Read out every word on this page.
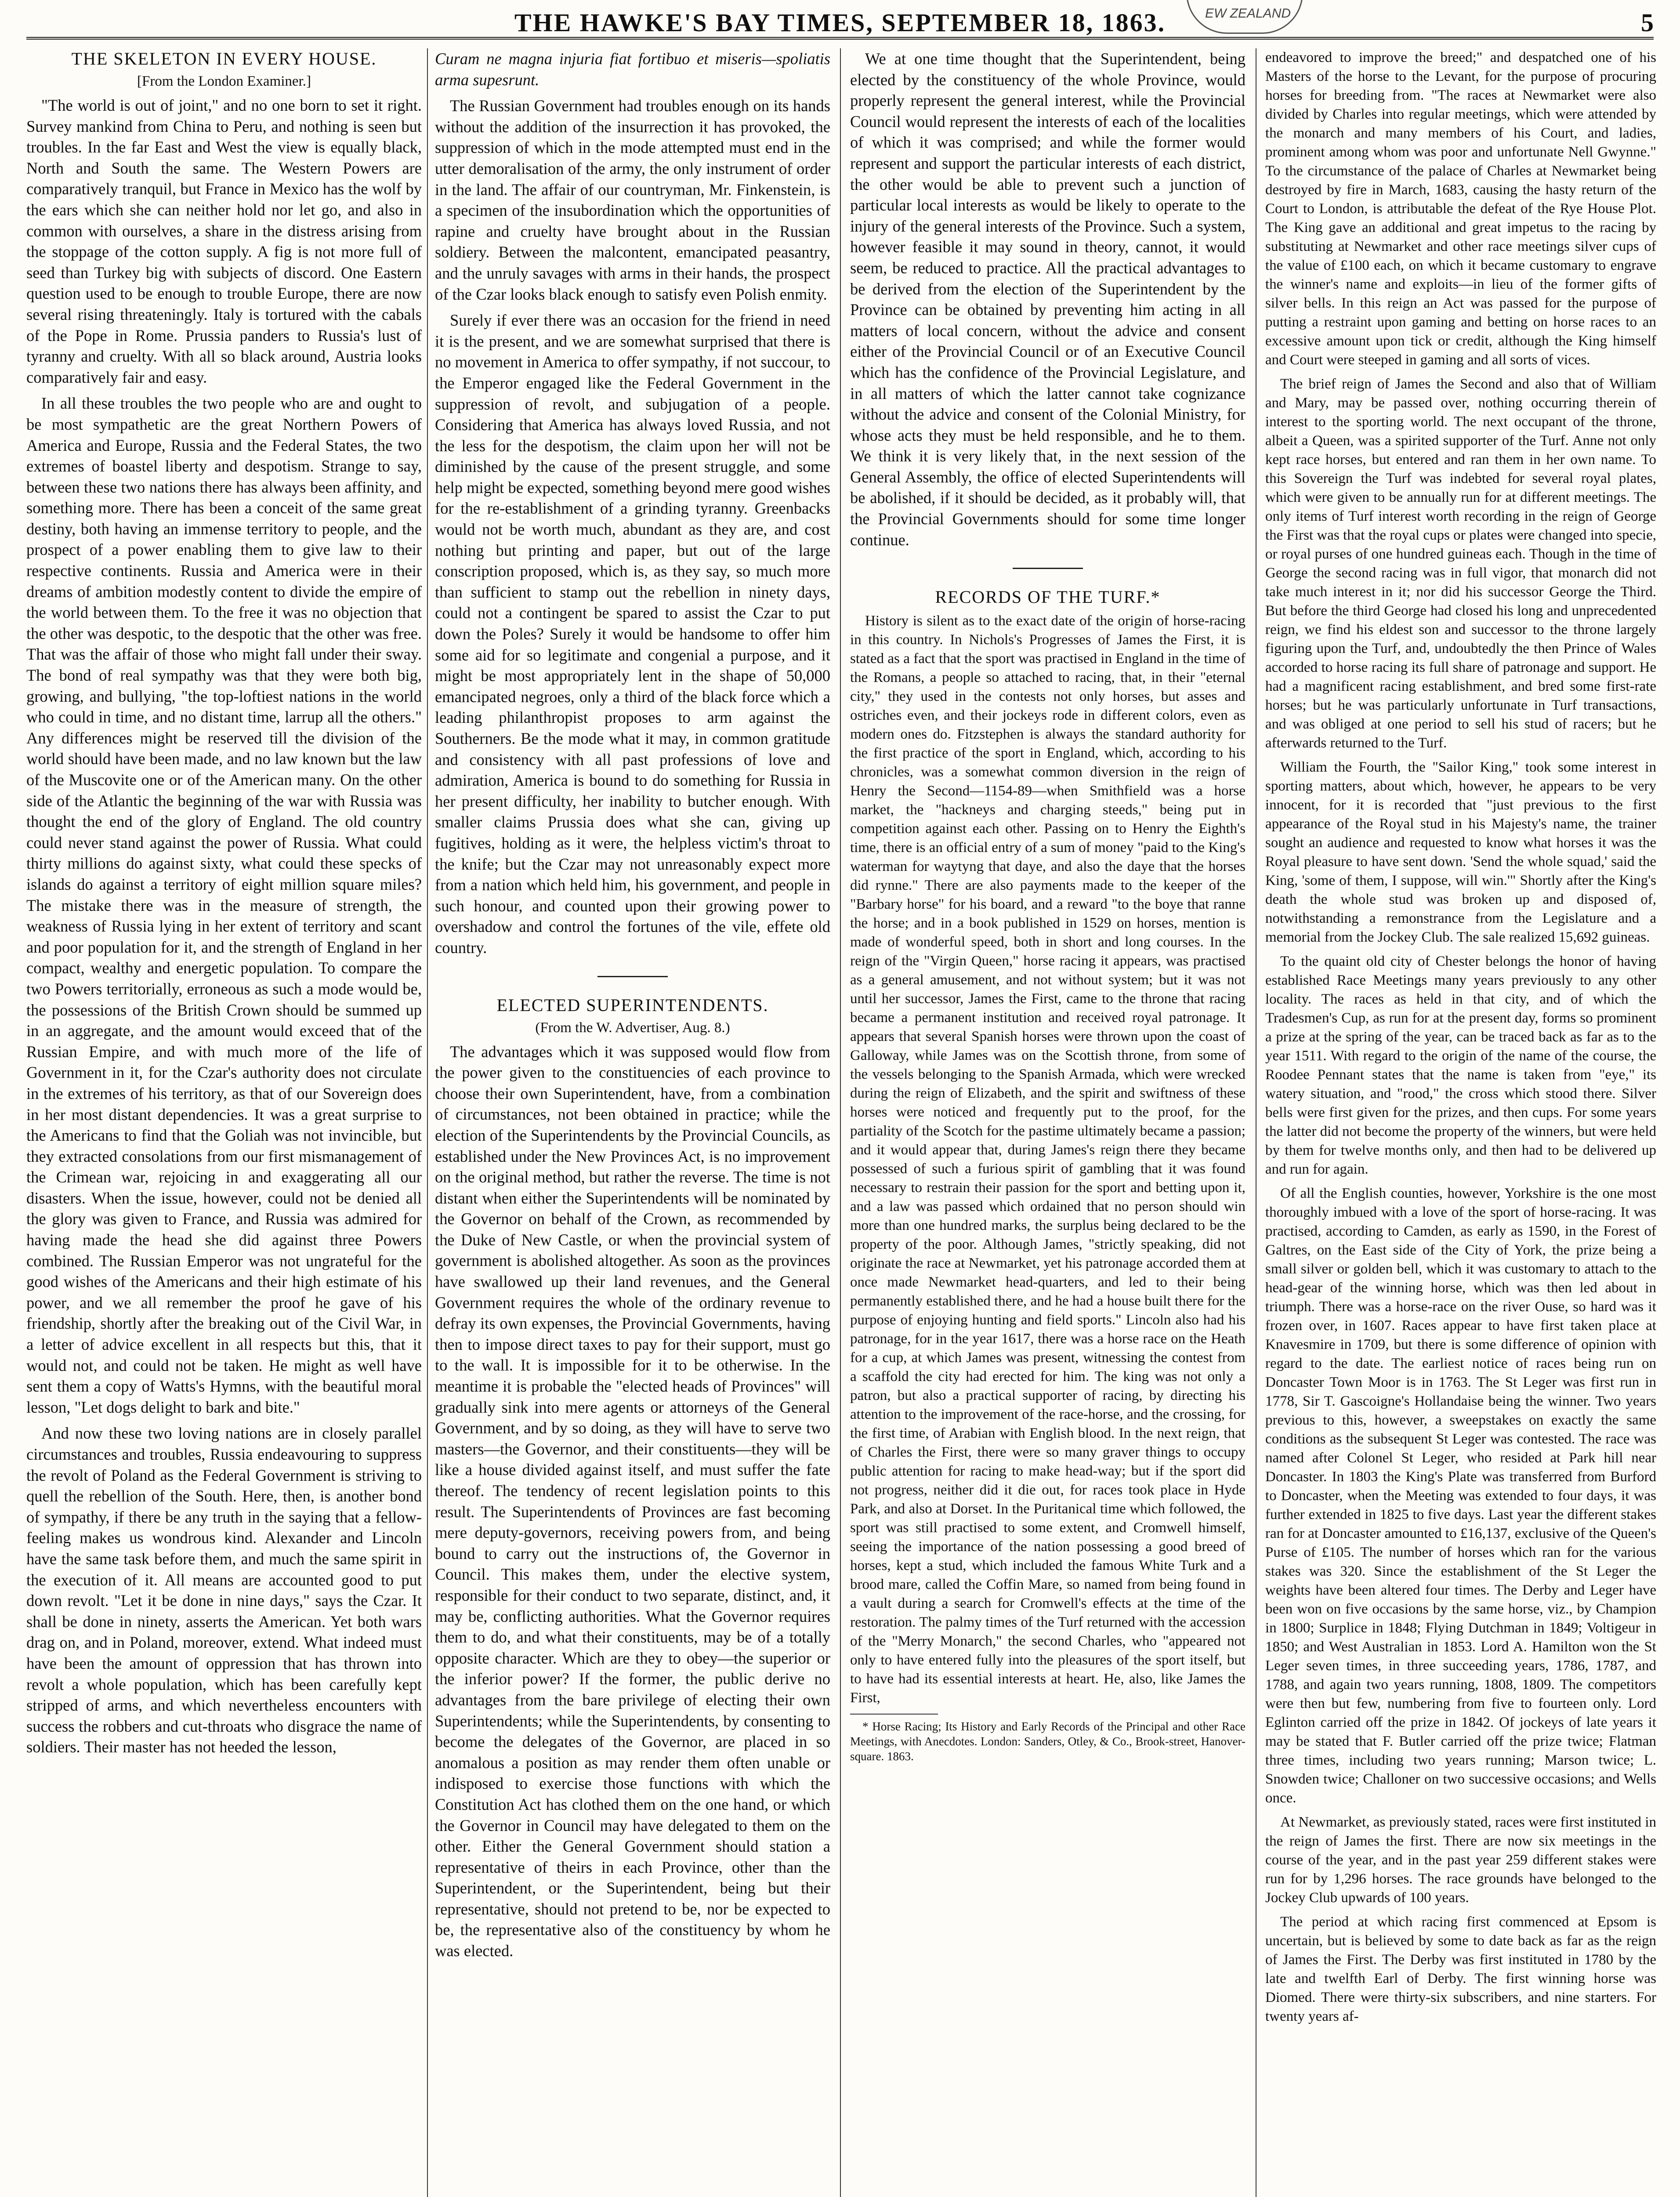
EW ZEALAND
THE HAWKE'S BAY TIMES, SEPTEMBER 18, 1863.	5
THE SKELETON IN EVERY HOUSE.
[From the London Examiner.]

"The world is out of joint," and no one born to set it right. Survey mankind from China to Peru, and nothing is seen but troubles. In the far East and West the view is equally black, North and South the same. The Western Powers are comparatively tranquil, but France in Mexico has the wolf by the ears which she can neither hold nor let go, and also in common with ourselves, a share in the distress arising from the stoppage of the cotton supply. A fig is not more full of seed than Turkey big with subjects of discord. One Eastern question used to be enough to trouble Europe, there are now several rising threateningly. Italy is tortured with the cabals of the Pope in Rome. Prussia panders to Russia's lust of tyranny and cruelty. With all so black around, Austria looks comparatively fair and easy.

In all these troubles the two people who are and ought to be most sympathetic are the great Northern Powers of America and Europe, Russia and the Federal States, the two extremes of boastel liberty and despotism. Strange to say, between these two nations there has always been affinity, and something more. There has been a conceit of the same great destiny, both having an immense territory to people, and the prospect of a power enabling them to give law to their respective continents. Russia and America were in their dreams of ambition modestly content to divide the empire of the world between them. To the free it was no objection that the other was despotic, to the despotic that the other was free. That was the affair of those who might fall under their sway. The bond of real sympathy was that they were both big, growing, and bullying, "the top-loftiest nations in the world who could in time, and no distant time, larrup all the others." Any differences might be reserved till the division of the world should have been made, and no law known but the law of the Muscovite one or of the American many. On the other side of the Atlantic the beginning of the war with Russia was thought the end of the glory of England. The old country could never stand against the power of Russia. What could thirty millions do against sixty, what could these specks of islands do against a territory of eight million square miles? The mistake there was in the measure of strength, the weakness of Russia lying in her extent of territory and scant and poor population for it, and the strength of England in her compact, wealthy and energetic population. To compare the two Powers territorially, erroneous as such a mode would be, the possessions of the British Crown should be summed up in an aggregate, and the amount would exceed that of the Russian Empire, and with much more of the life of Government in it, for the Czar's authority does not circulate in the extremes of his territory, as that of our Sovereign does in her most distant dependencies. It was a great surprise to the Americans to find that the Goliah was not invincible, but they extracted consolations from our first mismanagement of the Crimean war, rejoicing in and exaggerating all our disasters. When the issue, however, could not be denied all the glory was given to France, and Russia was admired for having made the head she did against three Powers combined. The Russian Emperor was not ungrateful for the good wishes of the Americans and their high estimate of his power, and we all remember the proof he gave of his friendship, shortly after the breaking out of the Civil War, in a letter of advice excellent in all respects but this, that it would not, and could not be taken. He might as well have sent them a copy of Watts's Hymns, with the beautiful moral lesson, "Let dogs delight to bark and bite."

And now these two loving nations are in closely parallel circumstances and troubles, Russia endeavouring to suppress the revolt of Poland as the Federal Government is striving to quell the rebellion of the South. Here, then, is another bond of sympathy, if there be any truth in the saying that a fellow-feeling makes us wondrous kind. Alexander and Lincoln have the same task before them, and much the same spirit in the execution of it. All means are accounted good to put down revolt. "Let it be done in nine days," says the Czar. It shall be done in ninety, asserts the American. Yet both wars drag on, and in Poland, moreover, extend. What indeed must have been the amount of oppression that has thrown into revolt a whole population, which has been carefully kept stripped of arms, and which nevertheless encounters with success the robbers and cut-throats who disgrace the name of soldiers. Their master has not heeded the lesson,

Curam ne magna injuria fiat fortibuo et miseris—spoliatis arma supesrunt.

The Russian Government had troubles enough on its hands without the addition of the insurrection it has provoked, the suppression of which in the mode attempted must end in the utter demoralisation of the army, the only instrument of order in the land. The affair of our countryman, Mr. Finkenstein, is a specimen of the insubordination which the opportunities of rapine and cruelty have brought about in the Russian soldiery. Between the malcontent, emancipated peasantry, and the unruly savages with arms in their hands, the prospect of the Czar looks black enough to satisfy even Polish enmity.

Surely if ever there was an occasion for the friend in need it is the present, and we are somewhat surprised that there is no movement in America to offer sympathy, if not succour, to the Emperor engaged like the Federal Government in the suppression of revolt, and subjugation of a people. Considering that America has always loved Russia, and not the less for the despotism, the claim upon her will not be diminished by the cause of the present struggle, and some help might be expected, something beyond mere good wishes for the re-establishment of a grinding tyranny. Greenbacks would not be worth much, abundant as they are, and cost nothing but printing and paper, but out of the large conscription proposed, which is, as they say, so much more than sufficient to stamp out the rebellion in ninety days, could not a contingent be spared to assist the Czar to put down the Poles? Surely it would be handsome to offer him some aid for so legitimate and congenial a purpose, and it might be most appropriately lent in the shape of 50,000 emancipated negroes, only a third of the black force which a leading philanthropist proposes to arm against the Southerners. Be the mode what it may, in common gratitude and consistency with all past professions of love and admiration, America is bound to do something for Russia in her present difficulty, her inability to butcher enough. With smaller claims Prussia does what she can, giving up fugitives, holding as it were, the helpless victim's throat to the knife; but the Czar may not unreasonably expect more from a nation which held him, his government, and people in such honour, and counted upon their growing power to overshadow and control the fortunes of the vile, effete old country.

ELECTED SUPERINTENDENTS.
(From the W. Advertiser, Aug. 8.)

The advantages which it was supposed would flow from the power given to the constituencies of each province to choose their own Superintendent, have, from a combination of circumstances, not been obtained in practice; while the election of the Superintendents by the Provincial Councils, as established under the New Provinces Act, is no improvement on the original method, but rather the reverse. The time is not distant when either the Superintendents will be nominated by the Governor on behalf of the Crown, as recommended by the Duke of New Castle, or when the provincial system of government is abolished altogether. As soon as the provinces have swallowed up their land revenues, and the General Government requires the whole of the ordinary revenue to defray its own expenses, the Provincial Governments, having then to impose direct taxes to pay for their support, must go to the wall. It is impossible for it to be otherwise. In the meantime it is probable the "elected heads of Provinces" will gradually sink into mere agents or attorneys of the General Government, and by so doing, as they will have to serve two masters—the Governor, and their constituents—they will be like a house divided against itself, and must suffer the fate thereof. The tendency of recent legislation points to this result. The Superintendents of Provinces are fast becoming mere deputy-governors, receiving powers from, and being bound to carry out the instructions of, the Governor in Council. This makes them, under the elective system, responsible for their conduct to two separate, distinct, and, it may be, conflicting authorities. What the Governor requires them to do, and what their constituents, may be of a totally opposite character. Which are they to obey—the superior or the inferior power? If the former, the public derive no advantages from the bare privilege of electing their own Superintendents; while the Superintendents, by consenting to become the delegates of the Governor, are placed in so anomalous a position as may render them often unable or indisposed to exercise those functions with which the Constitution Act has clothed them on the one hand, or which the Governor in Council may have delegated to them on the other. Either the General Government should station a representative of theirs in each Province, other than the Superintendent, or the Superintendent, being but their representative, should not pretend to be, nor be expected to be, the representative also of the constituency by whom he was elected.

We at one time thought that the Superintendent, being elected by the constituency of the whole Province, would properly represent the general interest, while the Provincial Council would represent the interests of each of the localities of which it was comprised; and while the former would represent and support the particular interests of each district, the other would be able to prevent such a junction of particular local interests as would be likely to operate to the injury of the general interests of the Province. Such a system, however feasible it may sound in theory, cannot, it would seem, be reduced to practice. All the practical advantages to be derived from the election of the Superintendent by the Province can be obtained by preventing him acting in all matters of local concern, without the advice and consent either of the Provincial Council or of an Executive Council which has the confidence of the Provincial Legislature, and in all matters of which the latter cannot take cognizance without the advice and consent of the Colonial Ministry, for whose acts they must be held responsible, and he to them. We think it is very likely that, in the next session of the General Assembly, the office of elected Superintendents will be abolished, if it should be decided, as it probably will, that the Provincial Governments should for some time longer continue.

RECORDS OF THE TURF.*

History is silent as to the exact date of the origin of horse-racing in this country. In Nichols's Progresses of James the First, it is stated as a fact that the sport was practised in England in the time of the Romans, a people so attached to racing, that, in their "eternal city," they used in the contests not only horses, but asses and ostriches even, and their jockeys rode in different colors, even as modern ones do. Fitzstephen is always the standard authority for the first practice of the sport in England, which, according to his chronicles, was a somewhat common diversion in the reign of Henry the Second—1154-89—when Smithfield was a horse market, the "hackneys and charging steeds," being put in competition against each other. Passing on to Henry the Eighth's time, there is an official entry of a sum of money "paid to the King's waterman for waytyng that daye, and also the daye that the horses did rynne." There are also payments made to the keeper of the "Barbary horse" for his board, and a reward "to the boye that ranne the horse; and in a book published in 1529 on horses, mention is made of wonderful speed, both in short and long courses. In the reign of the "Virgin Queen," horse racing it appears, was practised as a general amusement, and not without system; but it was not until her successor, James the First, came to the throne that racing became a permanent institution and received royal patronage. It appears that several Spanish horses were thrown upon the coast of Galloway, while James was on the Scottish throne, from some of the vessels belonging to the Spanish Armada, which were wrecked during the reign of Elizabeth, and the spirit and swiftness of these horses were noticed and frequently put to the proof, for the partiality of the Scotch for the pastime ultimately became a passion; and it would appear that, during James's reign there they became possessed of such a furious spirit of gambling that it was found necessary to restrain their passion for the sport and betting upon it, and a law was passed which ordained that no person should win more than one hundred marks, the surplus being declared to be the property of the poor. Although James, "strictly speaking, did not originate the race at Newmarket, yet his patronage accorded them at once made Newmarket head-quarters, and led to their being permanently established there, and he had a house built there for the purpose of enjoying hunting and field sports." Lincoln also had his patronage, for in the year 1617, there was a horse race on the Heath for a cup, at which James was present, witnessing the contest from a scaffold the city had erected for him. The king was not only a patron, but also a practical supporter of racing, by directing his attention to the improvement of the race-horse, and the crossing, for the first time, of Arabian with English blood. In the next reign, that of Charles the First, there were so many graver things to occupy public attention for racing to make head-way; but if the sport did not progress, neither did it die out, for races took place in Hyde Park, and also at Dorset. In the Puritanical time which followed, the sport was still practised to some extent, and Cromwell himself, seeing the importance of the nation possessing a good breed of horses, kept a stud, which included the famous White Turk and a brood mare, called the Coffin Mare, so named from being found in a vault during a search for Cromwell's effects at the time of the restoration. The palmy times of the Turf returned with the accession of the "Merry Monarch," the second Charles, who "appeared not only to have entered fully into the pleasures of the sport itself, but to have had its essential interests at heart. He, also, like James the First,

* Horse Racing; Its History and Early Records of the Principal and other Race Meetings, with Anecdotes. London: Sanders, Otley, & Co., Brook-street, Hanover-square. 1863.

endeavored to improve the breed;" and despatched one of his Masters of the horse to the Levant, for the purpose of procuring horses for breeding from. "The races at Newmarket were also divided by Charles into regular meetings, which were attended by the monarch and many members of his Court, and ladies, prominent among whom was poor and unfortunate Nell Gwynne." To the circumstance of the palace of Charles at Newmarket being destroyed by fire in March, 1683, causing the hasty return of the Court to London, is attributable the defeat of the Rye House Plot. The King gave an additional and great impetus to the racing by substituting at Newmarket and other race meetings silver cups of the value of £100 each, on which it became customary to engrave the winner's name and exploits—in lieu of the former gifts of silver bells. In this reign an Act was passed for the purpose of putting a restraint upon gaming and betting on horse races to an excessive amount upon tick or credit, although the King himself and Court were steeped in gaming and all sorts of vices.

The brief reign of James the Second and also that of William and Mary, may be passed over, nothing occurring therein of interest to the sporting world. The next occupant of the throne, albeit a Queen, was a spirited supporter of the Turf. Anne not only kept race horses, but entered and ran them in her own name. To this Sovereign the Turf was indebted for several royal plates, which were given to be annually run for at different meetings. The only items of Turf interest worth recording in the reign of George the First was that the royal cups or plates were changed into specie, or royal purses of one hundred guineas each. Though in the time of George the second racing was in full vigor, that monarch did not take much interest in it; nor did his successor George the Third. But before the third George had closed his long and unprecedented reign, we find his eldest son and successor to the throne largely figuring upon the Turf, and, undoubtedly the then Prince of Wales accorded to horse racing its full share of patronage and support. He had a magnificent racing establishment, and bred some first-rate horses; but he was particularly unfortunate in Turf transactions, and was obliged at one period to sell his stud of racers; but he afterwards returned to the Turf.

William the Fourth, the "Sailor King," took some interest in sporting matters, about which, however, he appears to be very innocent, for it is recorded that "just previous to the first appearance of the Royal stud in his Majesty's name, the trainer sought an audience and requested to know what horses it was the Royal pleasure to have sent down. 'Send the whole squad,' said the King, 'some of them, I suppose, will win.'" Shortly after the King's death the whole stud was broken up and disposed of, notwithstanding a remonstrance from the Legislature and a memorial from the Jockey Club. The sale realized 15,692 guineas.

To the quaint old city of Chester belongs the honor of having established Race Meetings many years previously to any other locality. The races as held in that city, and of which the Tradesmen's Cup, as run for at the present day, forms so prominent a prize at the spring of the year, can be traced back as far as to the year 1511. With regard to the origin of the name of the course, the Roodee Pennant states that the name is taken from "eye," its watery situation, and "rood," the cross which stood there. Silver bells were first given for the prizes, and then cups. For some years the latter did not become the property of the winners, but were held by them for twelve months only, and then had to be delivered up and run for again.

Of all the English counties, however, Yorkshire is the one most thoroughly imbued with a love of the sport of horse-racing. It was practised, according to Camden, as early as 1590, in the Forest of Galtres, on the East side of the City of York, the prize being a small silver or golden bell, which it was customary to attach to the head-gear of the winning horse, which was then led about in triumph. There was a horse-race on the river Ouse, so hard was it frozen over, in 1607. Races appear to have first taken place at Knavesmire in 1709, but there is some difference of opinion with regard to the date. The earliest notice of races being run on Doncaster Town Moor is in 1763. The St Leger was first run in 1778, Sir T. Gascoigne's Hollandaise being the winner. Two years previous to this, however, a sweepstakes on exactly the same conditions as the subsequent St Leger was contested. The race was named after Colonel St Leger, who resided at Park hill near Doncaster. In 1803 the King's Plate was transferred from Burford to Doncaster, when the Meeting was extended to four days, it was further extended in 1825 to five days. Last year the different stakes ran for at Doncaster amounted to £16,137, exclusive of the Queen's Purse of £105. The number of horses which ran for the various stakes was 320. Since the establishment of the St Leger the weights have been altered four times. The Derby and Leger have been won on five occasions by the same horse, viz., by Champion in 1800; Surplice in 1848; Flying Dutchman in 1849; Voltigeur in 1850; and West Australian in 1853. Lord A. Hamilton won the St Leger seven times, in three succeeding years, 1786, 1787, and 1788, and again two years running, 1808, 1809. The competitors were then but few, numbering from five to fourteen only. Lord Eglinton carried off the prize in 1842. Of jockeys of late years it may be stated that F. Butler carried off the prize twice; Flatman three times, including two years running; Marson twice; L. Snowden twice; Challoner on two successive occasions; and Wells once.

At Newmarket, as previously stated, races were first instituted in the reign of James the first. There are now six meetings in the course of the year, and in the past year 259 different stakes were run for by 1,296 horses. The race grounds have belonged to the Jockey Club upwards of 100 years.

The period at which racing first commenced at Epsom is uncertain, but is believed by some to date back as far as the reign of James the First. The Derby was first instituted in 1780 by the late and twelfth Earl of Derby. The first winning horse was Diomed. There were thirty-six subscribers, and nine starters. For twenty years af-
